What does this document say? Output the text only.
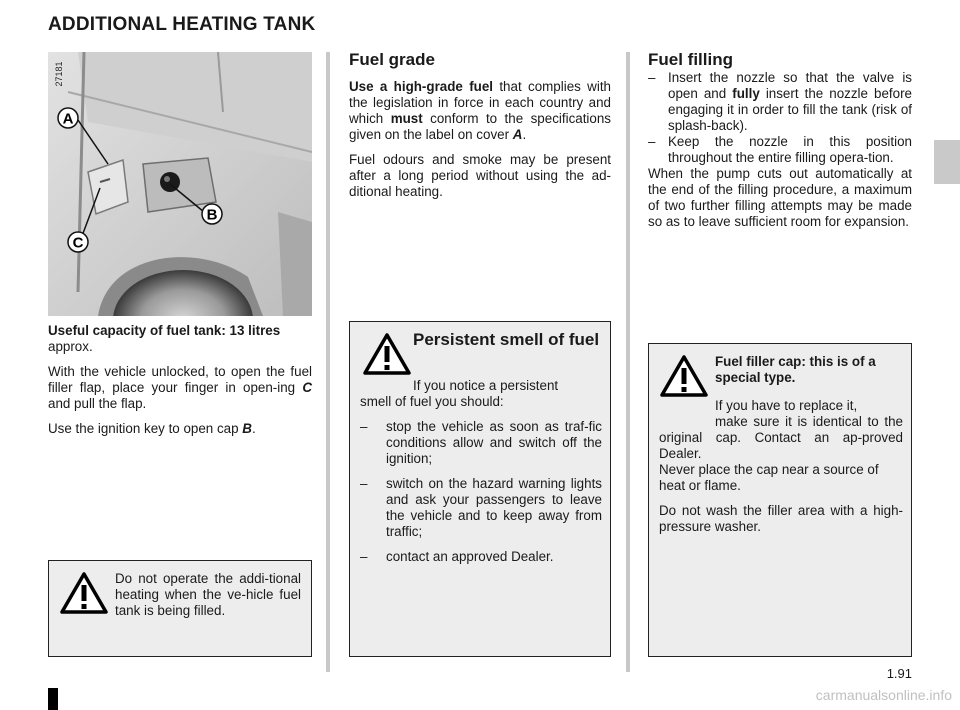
ADDITIONAL HEATING TANK
A
B
C
27181

Useful capacity of fuel tank: 13 litres
approx.

With the vehicle unlocked, to open the fuel filler flap, place your finger in open-ing C and pull the flap.

Use the ignition key to open cap B.

Do not operate the addi-tional heating when the ve-hicle fuel tank is being filled.
Fuel grade

Use a high-grade fuel that complies with the legislation in force in each country and which must conform to the specifications given on the label on cover A.

Fuel odours and smoke may be present after a long period without using the ad-ditional heating.

Persistent smell of fuel
If you notice a persistent
smell of fuel you should:
– stop the vehicle as soon as traf-fic conditions allow and switch off the ignition;
– switch on the hazard warning lights and ask your passengers to leave the vehicle and to keep away from traffic;
– contact an approved Dealer.
Fuel filling
– Insert the nozzle so that the valve is open and fully insert the nozzle before engaging it in order to fill the tank (risk of splash-back).
– Keep the nozzle in this position throughout the entire filling opera-tion.

When the pump cuts out automatically at the end of the filling procedure, a maximum of two further filling attempts may be made so as to leave sufficient room for expansion.

Fuel filler cap: this is of a special type.
If you have to replace it,

make sure it is identical to the original cap. Contact an ap-proved Dealer.

Never place the cap near a source of heat or flame.

Do not wash the filler area with a high-pressure washer.

1.91
carmanualsonline.info
